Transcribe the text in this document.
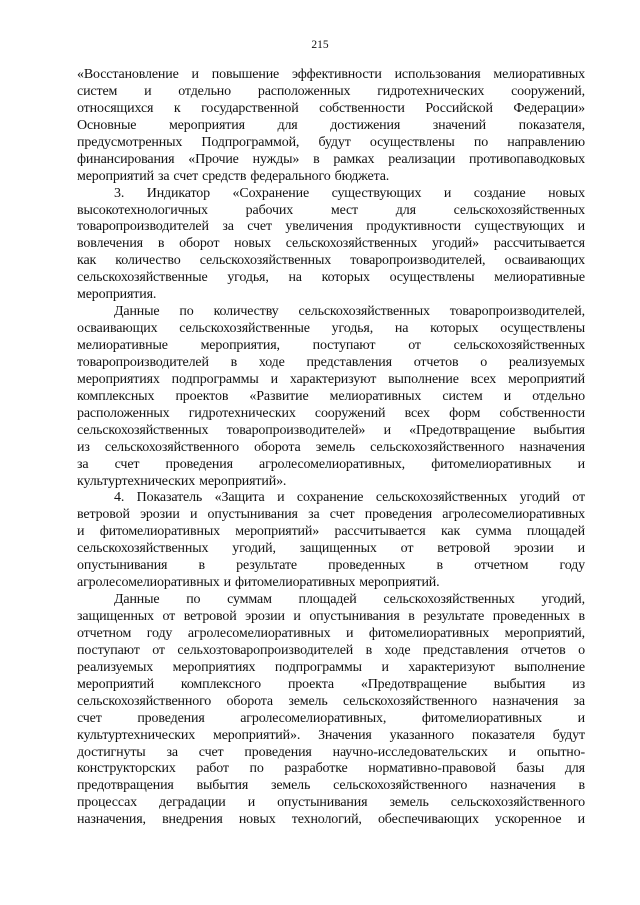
215
«Восстановление и повышение эффективности использования мелиоративных
систем и отдельно расположенных гидротехнических сооружений,
относящихся к государственной собственности Российской Федерации»
Основные мероприятия для достижения значений показателя,
предусмотренных Подпрограммой, будут осуществлены по направлению
финансирования «Прочие нужды» в рамках реализации противопаводковых
мероприятий за счет средств федерального бюджета.
3. Индикатор «Сохранение существующих и создание новых
высокотехнологичных	рабочих	мест	для	сельскохозяйственных
товаропроизводителей за счет увеличения продуктивности существующих и
вовлечения в оборот новых сельскохозяйственных угодий» рассчитывается
как количество сельскохозяйственных товаропроизводителей, осваивающих
сельскохозяйственные угодья, на которых осуществлены мелиоративные
мероприятия.
Данные по количеству сельскохозяйственных товаропроизводителей,
осваивающих сельскохозяйственные угодья, на которых осуществлены
мелиоративные мероприятия, поступают от сельскохозяйственных
товаропроизводителей в ходе представления отчетов о реализуемых
мероприятиях подпрограммы и характеризуют выполнение всех мероприятий
комплексных проектов «Развитие мелиоративных систем и отдельно
расположенных гидротехнических сооружений всех форм собственности
сельскохозяйственных товаропроизводителей» и «Предотвращение выбытия
из сельскохозяйственного оборота земель сельскохозяйственного назначения
за счет проведения агролесомелиоративных, фитомелиоративных и
культуртехнических мероприятий».
4. Показатель «Защита и сохранение сельскохозяйственных угодий от
ветровой эрозии и опустынивания за счет проведения агролесомелиоративных
и фитомелиоративных мероприятий» рассчитывается как сумма площадей
сельскохозяйственных угодий, защищенных от ветровой эрозии и
опустынивания в результате проведенных в отчетном году
агролесомелиоративных и фитомелиоративных мероприятий.
Данные по суммам площадей сельскохозяйственных угодий,
защищенных от ветровой эрозии и опустынивания в результате проведенных в
отчетном году агролесомелиоративных и фитомелиоративных мероприятий,
поступают от сельхозтоваропроизводителей в ходе представления отчетов о
реализуемых мероприятиях подпрограммы и характеризуют выполнение
мероприятий комплексного проекта «Предотвращение выбытия из
сельскохозяйственного оборота земель сельскохозяйственного назначения за
счет	проведения	агролесомелиоративных,	фитомелиоративных	и
культуртехнических мероприятий». Значения указанного показателя будут
достигнуты за счет проведения научно-исследовательских и опытно-
конструкторских работ по разработке нормативно-правовой базы для
предотвращения выбытия земель сельскохозяйственного назначения в
процессах деградации и опустынивания земель сельскохозяйственного
назначения, внедрения новых технологий, обеспечивающих ускоренное и
